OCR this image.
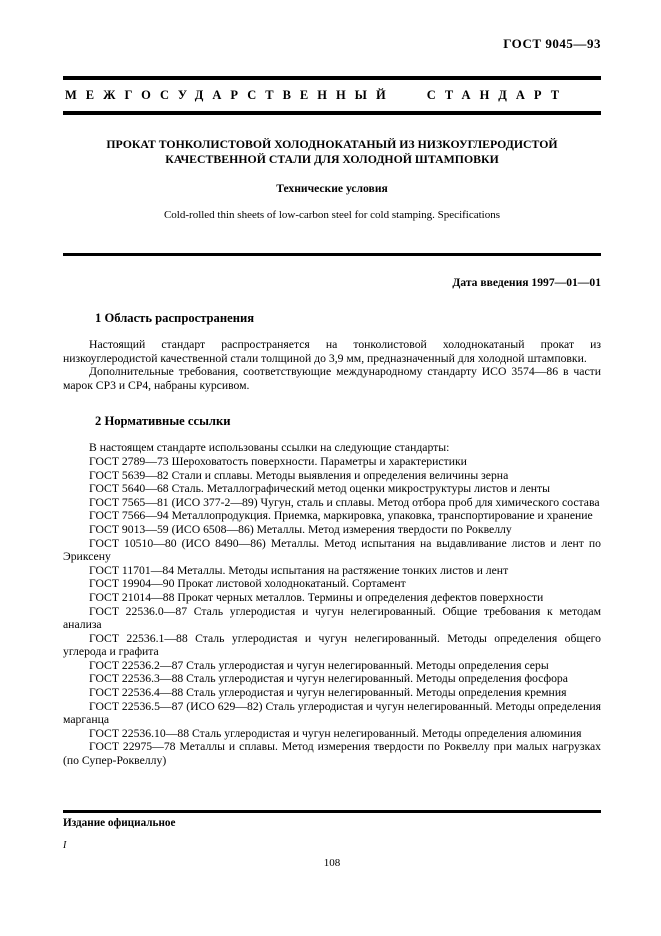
ГОСТ 9045—93
МЕЖГОСУДАРСТВЕННЫЙ СТАНДАРТ
ПРОКАТ ТОНКОЛИСТОВОЙ ХОЛОДНОКАТАНЫЙ ИЗ НИЗКОУГЛЕРОДИСТОЙ
КАЧЕСТВЕННОЙ СТАЛИ ДЛЯ ХОЛОДНОЙ ШТАМПОВКИ
Технические условия
Cold-rolled thin sheets of low-carbon steel for cold stamping. Specifications
Дата введения 1997—01—01
1 Область распространения

Настоящий стандарт распространяется на тонколистовой холоднокатаный прокат из низкоуглеродистой качественной стали толщиной до 3,9 мм, предназначенный для холодной штамповки.

Дополнительные требования, соответствующие международному стандарту ИСО 3574—86 в части марок СР3 и СР4, набраны курсивом.

2 Нормативные ссылки

В настоящем стандарте использованы ссылки на следующие стандарты:

ГОСТ 2789—73 Шероховатость поверхности. Параметры и характеристики

ГОСТ 5639—82 Стали и сплавы. Методы выявления и определения величины зерна

ГОСТ 5640—68 Сталь. Металлографический метод оценки микроструктуры листов и ленты

ГОСТ 7565—81 (ИСО 377-2—89) Чугун, сталь и сплавы. Метод отбора проб для химического состава

ГОСТ 7566—94 Металлопродукция. Приемка, маркировка, упаковка, транспортирование и хранение

ГОСТ 9013—59 (ИСО 6508—86) Металлы. Метод измерения твердости по Роквеллу

ГОСТ 10510—80 (ИСО 8490—86) Металлы. Метод испытания на выдавливание листов и лент по Эриксену

ГОСТ 11701—84 Металлы. Методы испытания на растяжение тонких листов и лент

ГОСТ 19904—90 Прокат листовой холоднокатаный. Сортамент

ГОСТ 21014—88 Прокат черных металлов. Термины и определения дефектов поверхности

ГОСТ 22536.0—87 Сталь углеродистая и чугун нелегированный. Общие требования к методам анализа

ГОСТ 22536.1—88 Сталь углеродистая и чугун нелегированный. Методы определения общего углерода и графита

ГОСТ 22536.2—87 Сталь углеродистая и чугун нелегированный. Методы определения серы

ГОСТ 22536.3—88 Сталь углеродистая и чугун нелегированный. Методы определения фосфора

ГОСТ 22536.4—88 Сталь углеродистая и чугун нелегированный. Методы определения кремния

ГОСТ 22536.5—87 (ИСО 629—82) Сталь углеродистая и чугун нелегированный. Методы определения марганца

ГОСТ 22536.10—88 Сталь углеродистая и чугун нелегированный. Методы определения алюминия

ГОСТ 22975—78 Металлы и сплавы. Метод измерения твердости по Роквеллу при малых нагрузках (по Супер-Роквеллу)

Издание официальное
I
108
